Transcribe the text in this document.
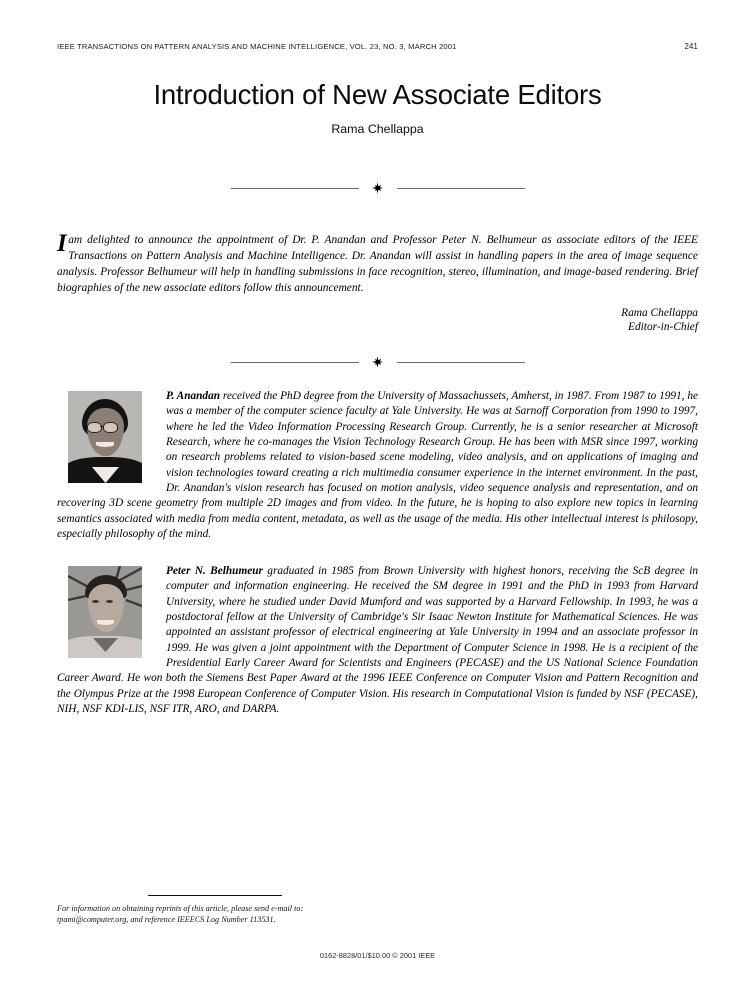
IEEE TRANSACTIONS ON PATTERN ANALYSIS AND MACHINE INTELLIGENCE, VOL. 23, NO. 3, MARCH 2001	241
Introduction of New Associate Editors
Rama Chellappa
Iam delighted to announce the appointment of Dr. P. Anandan and Professor Peter N. Belhumeur as associate editors of the IEEE Transactions on Pattern Analysis and Machine Intelligence. Dr. Anandan will assist in handling papers in the area of image sequence analysis. Professor Belhumeur will help in handling submissions in face recognition, stereo, illumination, and image-based rendering. Brief biographies of the new associate editors follow this announcement.
Rama Chellappa
Editor-in-Chief
P. Anandan received the PhD degree from the University of Massachussets, Amherst, in 1987. From 1987 to 1991, he was a member of the computer science faculty at Yale University. He was at Sarnoff Corporation from 1990 to 1997, where he led the Video Information Processing Research Group. Currently, he is a senior researcher at Microsoft Research, where he co-manages the Vision Technology Research Group. He has been with MSR since 1997, working on research problems related to vision-based scene modeling, video analysis, and on applications of imaging and vision technologies toward creating a rich multimedia consumer experience in the internet environment. In the past, Dr. Anandan's vision research has focused on motion analysis, video sequence analysis and representation, and on recovering 3D scene geometry from multiple 2D images and from video. In the future, he is hoping to also explore new topics in learning semantics associated with media from media content, metadata, as well as the usage of the media. His other intellectual interest is philosopy, especially philosophy of the mind.
Peter N. Belhumeur graduated in 1985 from Brown University with highest honors, receiving the ScB degree in computer and information engineering. He received the SM degree in 1991 and the PhD in 1993 from Harvard University, where he studied under David Mumford and was supported by a Harvard Fellowship. In 1993, he was a postdoctoral fellow at the University of Cambridge's Sir Isaac Newton Institute for Mathematical Sciences. He was appointed an assistant professor of electrical engineering at Yale University in 1994 and an associate professor in 1999. He was given a joint appointment with the Department of Computer Science in 1998. He is a recipient of the Presidential Early Career Award for Scientists and Engineers (PECASE) and the US National Science Foundation Career Award. He won both the Siemens Best Paper Award at the 1996 IEEE Conference on Computer Vision and Pattern Recognition and the Olympus Prize at the 1998 European Conference of Computer Vision. His research in Computational Vision is funded by NSF (PECASE), NIH, NSF KDI-LIS, NSF ITR, ARO, and DARPA.
For information on obtaining reprints of this article, please send e-mail to:
tpami@computer.org, and reference IEEECS Log Number 113531.
0162-8828/01/$10.00 © 2001 IEEE
